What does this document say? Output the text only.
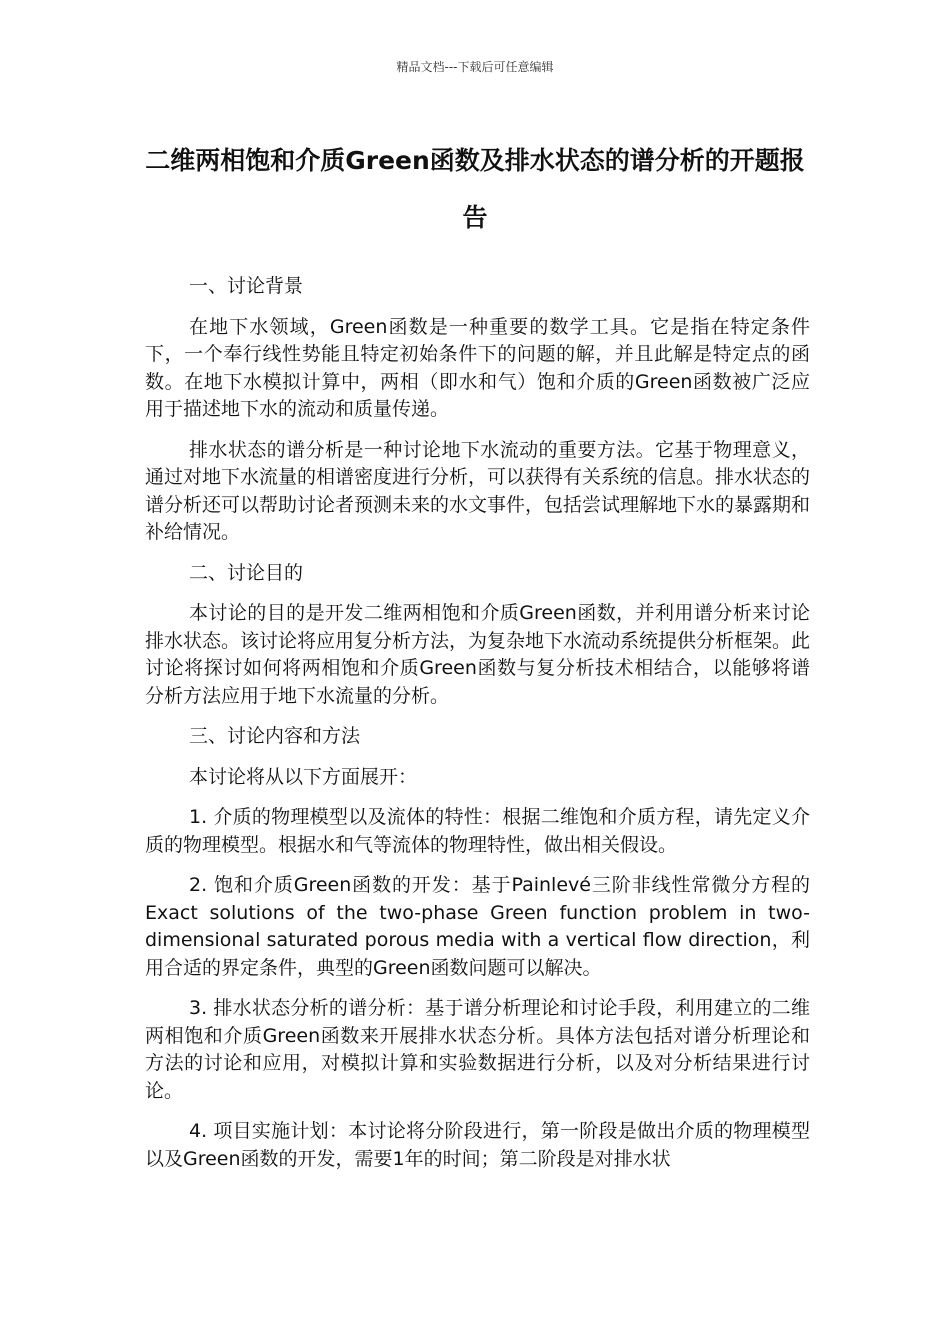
精品文档---下载后可任意编辑
二维两相饱和介质Green函数及排水状态的谱分析的开题报告

一、讨论背景

在地下水领域，Green函数是一种重要的数学工具。它是指在特定条件下，一个奉行线性势能且特定初始条件下的问题的解，并且此解是特定点的函数。在地下水模拟计算中，两相（即水和气）饱和介质的Green函数被广泛应用于描述地下水的流动和质量传递。

排水状态的谱分析是一种讨论地下水流动的重要方法。它基于物理意义，通过对地下水流量的相谱密度进行分析，可以获得有关系统的信息。排水状态的谱分析还可以帮助讨论者预测未来的水文事件，包括尝试理解地下水的暴露期和补给情况。

二、讨论目的

本讨论的目的是开发二维两相饱和介质Green函数，并利用谱分析来讨论排水状态。该讨论将应用复分析方法，为复杂地下水流动系统提供分析框架。此讨论将探讨如何将两相饱和介质Green函数与复分析技术相结合，以能够将谱分析方法应用于地下水流量的分析。

三、讨论内容和方法

本讨论将从以下方面展开：

1. 介质的物理模型以及流体的特性：根据二维饱和介质方程，请先定义介质的物理模型。根据水和气等流体的物理特性，做出相关假设。

2. 饱和介质Green函数的开发：基于Painlevé三阶非线性常微分方程的Exact solutions of the two-phase Green function problem in two-dimensional saturated porous media with a vertical flow direction，利用合适的界定条件，典型的Green函数问题可以解决。

3. 排水状态分析的谱分析：基于谱分析理论和讨论手段，利用建立的二维两相饱和介质Green函数来开展排水状态分析。具体方法包括对谱分析理论和方法的讨论和应用，对模拟计算和实验数据进行分析，以及对分析结果进行讨论。

4. 项目实施计划：本讨论将分阶段进行，第一阶段是做出介质的物理模型以及Green函数的开发，需要1年的时间；第二阶段是对排水状
